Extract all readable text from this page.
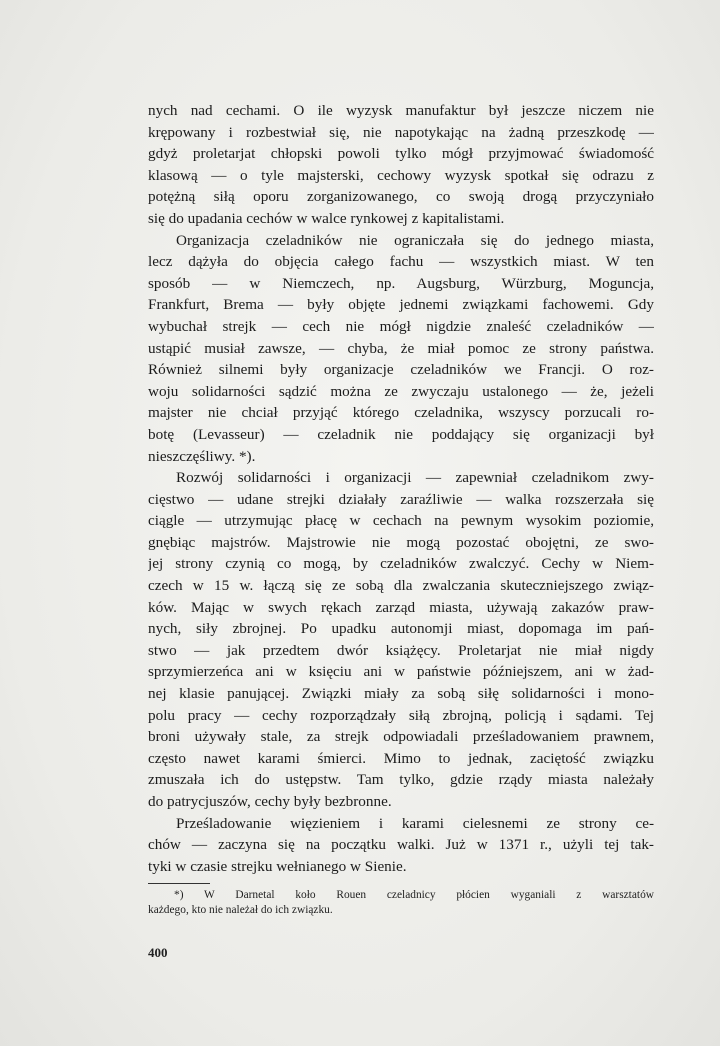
nych nad cechami. O ile wyzysk manufaktur był jeszcze niczem nie
krępowany i rozbestwiał się, nie napotykając na żadną przeszkodę —
gdyż proletarjat chłopski powoli tylko mógł przyjmować świadomość
klasową — o tyle majsterski, cechowy wyzysk spotkał się odrazu z
potężną siłą oporu zorganizowanego, co swoją drogą przyczyniało
się do upadania cechów w walce rynkowej z kapitalistami.
Organizacja czeladników nie ograniczała się do jednego miasta,
lecz dążyła do objęcia całego fachu — wszystkich miast. W ten
sposób — w Niemczech, np. Augsburg, Würzburg, Moguncja,
Frankfurt, Brema — były objęte jednemi związkami fachowemi. Gdy
wybuchał strejk — cech nie mógł nigdzie znaleść czeladników —
ustąpić musiał zawsze, — chyba, że miał pomoc ze strony państwa.
Również silnemi były organizacje czeladników we Francji. O roz-
woju solidarności sądzić można ze zwyczaju ustalonego — że, jeżeli
majster nie chciał przyjąć którego czeladnika, wszyscy porzucali ro-
botę (Levasseur) — czeladnik nie poddający się organizacji był
nieszczęśliwy. *).
Rozwój solidarności i organizacji — zapewniał czeladnikom zwy-
cięstwo — udane strejki działały zaraźliwie — walka rozszerzała się
ciągle — utrzymując płacę w cechach na pewnym wysokim poziomie,
gnębiąc majstrów. Majstrowie nie mogą pozostać obojętni, ze swo-
jej strony czynią co mogą, by czeladników zwalczyć. Cechy w Niem-
czech w 15 w. łączą się ze sobą dla zwalczania skuteczniejszego związ-
ków. Mając w swych rękach zarząd miasta, używają zakazów praw-
nych, siły zbrojnej. Po upadku autonomji miast, dopomaga im pań-
stwo — jak przedtem dwór książęcy. Proletarjat nie miał nigdy
sprzymierzeńca ani w księciu ani w państwie późniejszem, ani w żad-
nej klasie panującej. Związki miały za sobą siłę solidarności i mono-
polu pracy — cechy rozporządzały siłą zbrojną, policją i sądami. Tej
broni używały stale, za strejk odpowiadali prześladowaniem prawnem,
często nawet karami śmierci. Mimo to jednak, zaciętość związku
zmuszała ich do ustępstw. Tam tylko, gdzie rządy miasta należały
do patrycjuszów, cechy były bezbronne.
Prześladowanie więzieniem i karami cielesnemi ze strony ce-
chów — zaczyna się na początku walki. Już w 1371 r., użyli tej tak-
tyki w czasie strejku wełnianego w Sienie.
*) W Darnetal koło Rouen czeladnicy płócien wyganiali z warsztatów
każdego, kto nie należał do ich związku.
400
